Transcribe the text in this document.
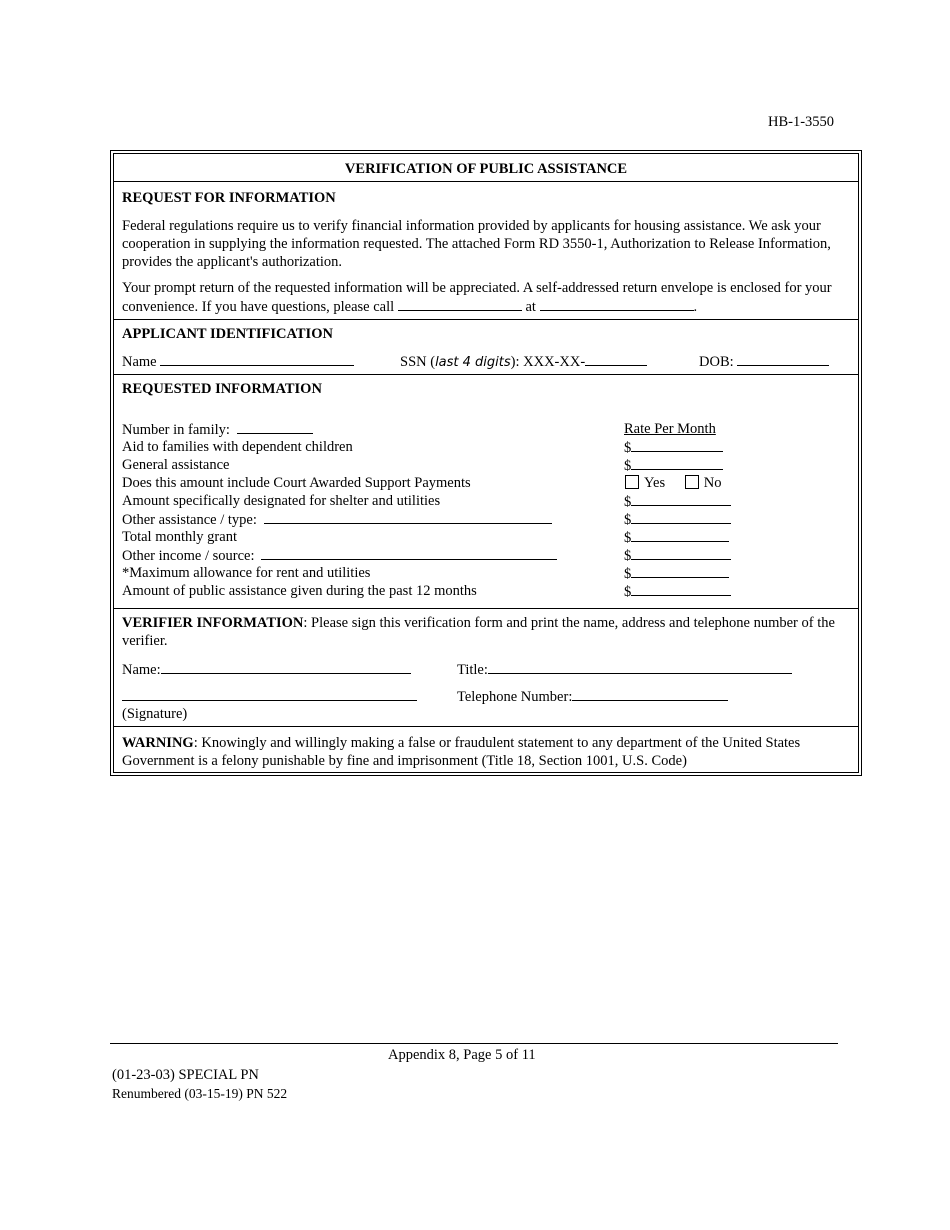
HB-1-3550
VERIFICATION OF PUBLIC ASSISTANCE
REQUEST FOR INFORMATION
Federal regulations require us to verify financial information provided by applicants for housing assistance. We ask your cooperation in supplying the information requested. The attached Form RD 3550-1, Authorization to Release Information, provides the applicant's authorization.
Your prompt return of the requested information will be appreciated. A self-addressed return envelope is enclosed for your convenience. If you have questions, please call	at	.
APPLICANT IDENTIFICATION
Name	SSN (last 4 digits): XXX-XX-	DOB:
REQUESTED INFORMATION
Rate Per Month
Number in family:
Aid to families with dependent children	$
General assistance	$
Does this amount include Court Awarded Support Payments	Yes	No
Amount specifically designated for shelter and utilities	$
Other assistance / type:	$
Total monthly grant	$
Other income / source:	$
*Maximum allowance for rent and utilities	$
Amount of public assistance given during the past 12 months	$
VERIFIER INFORMATION: Please sign this verification form and print the name, address and telephone number of the verifier.
Name:	Title:
Telephone Number:
(Signature)
WARNING: Knowingly and willingly making a false or fraudulent statement to any department of the United States Government is a felony punishable by fine and imprisonment (Title 18, Section 1001, U.S. Code)
Appendix 8, Page 5 of 11
(01-23-03) SPECIAL PN
Renumbered (03-15-19) PN 522
